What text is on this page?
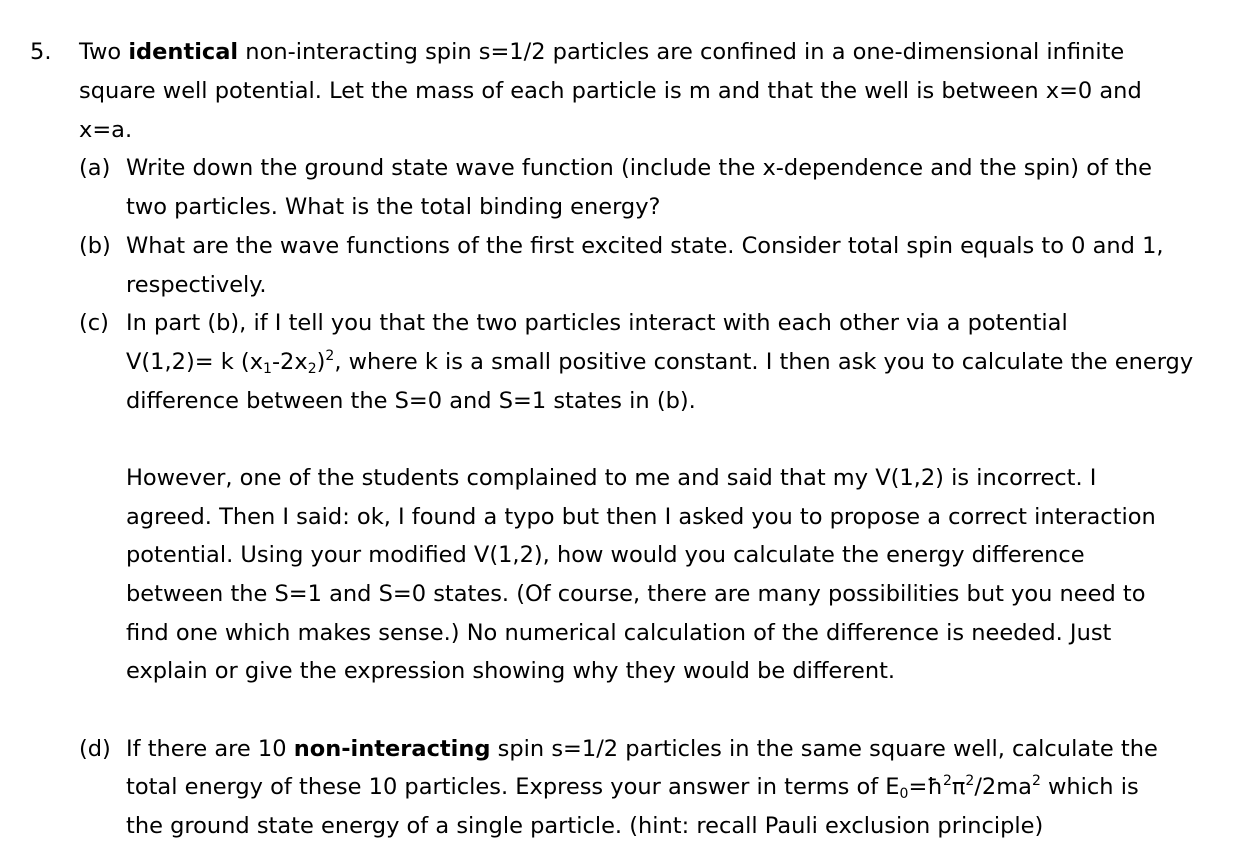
5. Two identical non-interacting spin s=1/2 particles are confined in a one-dimensional infinite
square well potential. Let the mass of each particle is m and that the well is between x=0 and
x=a.
(a) Write down the ground state wave function (include the x-dependence and the spin) of the
two particles. What is the total binding energy?
(b) What are the wave functions of the first excited state. Consider total spin equals to 0 and 1,
respectively.
(c) In part (b), if I tell you that the two particles interact with each other via a potential
V(1,2)= k $(x_1-2x_2)^2$, where k is a small positive constant. I then ask you to calculate the energy
difference between the S=0 and S=1 states in (b).
However, one of the students complained to me and said that my V(1,2) is incorrect. I
agreed. Then I said: ok, I found a typo but then I asked you to propose a correct interaction
potential. Using your modified V(1,2), how would you calculate the energy difference
between the S=1 and S=0 states. (Of course, there are many possibilities but you need to
find one which makes sense.) No numerical calculation of the difference is needed. Just
explain or give the expression showing why they would be different.
(d) If there are 10 non-interacting spin s=1/2 particles in the same square well, calculate the
total energy of these 10 particles. Express your answer in terms of $E_0=ħ^2\pi^2/2ma^2$ which is
the ground state energy of a single particle. (hint: recall Pauli exclusion principle)
